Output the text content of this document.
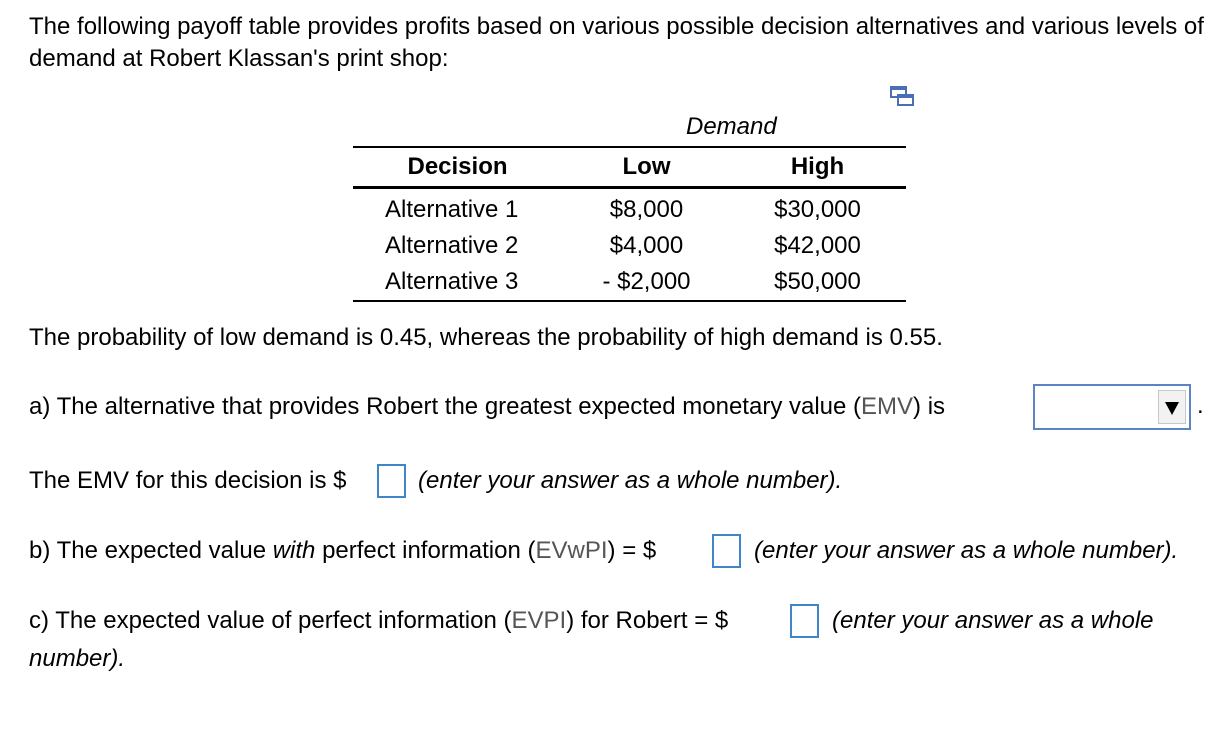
The following payoff table provides profits based on various possible decision alternatives and various levels of demand at Robert Klassan's print shop:

Demand
Decision	Low	High
Alternative 1	$8,000	$30,000
Alternative 2	$4,000	$42,000
Alternative 3	- $2,000	$50,000
The probability of low demand is 0.45, whereas the probability of high demand is 0.55.
a) The alternative that provides Robert the greatest expected monetary value (EMV) is	.
The EMV for this decision is $	(enter your answer as a whole number).
b) The expected value with perfect information (EVwPI) = $	(enter your answer as a whole number).
c) The expected value of perfect information (EVPI) for Robert = $	(enter your answer as a whole
number).
